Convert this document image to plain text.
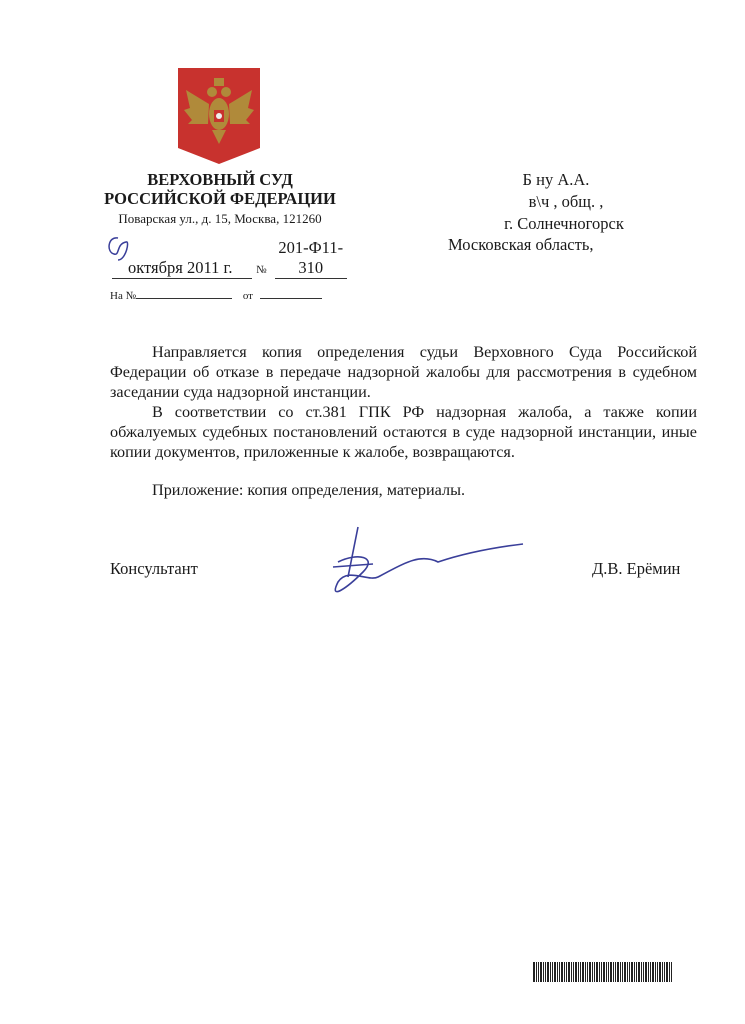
ВЕРХОВНЫЙ СУД
РОССИЙСКОЙ ФЕДЕРАЦИИ
Поварская ул., д. 15, Москва, 121260
октября 2011 г. № 201-Ф11-310
На №	от
Б ну А.А.
в\ч , общ. ,
г. Солнечногорск
Московская область,

Направляется копия определения судьи Верховного Суда Российской Федерации об отказе в передаче надзорной жалобы для рассмотрения в судебном заседании суда надзорной инстанции.

В соответствии со ст.381 ГПК РФ надзорная жалоба, а также копии обжалуемых судебных постановлений остаются в суде надзорной инстанции, иные копии документов, приложенные к жалобе, возвращаются.

Приложение: копия определения, материалы.

Консультант	Д.В. Ерёмин
